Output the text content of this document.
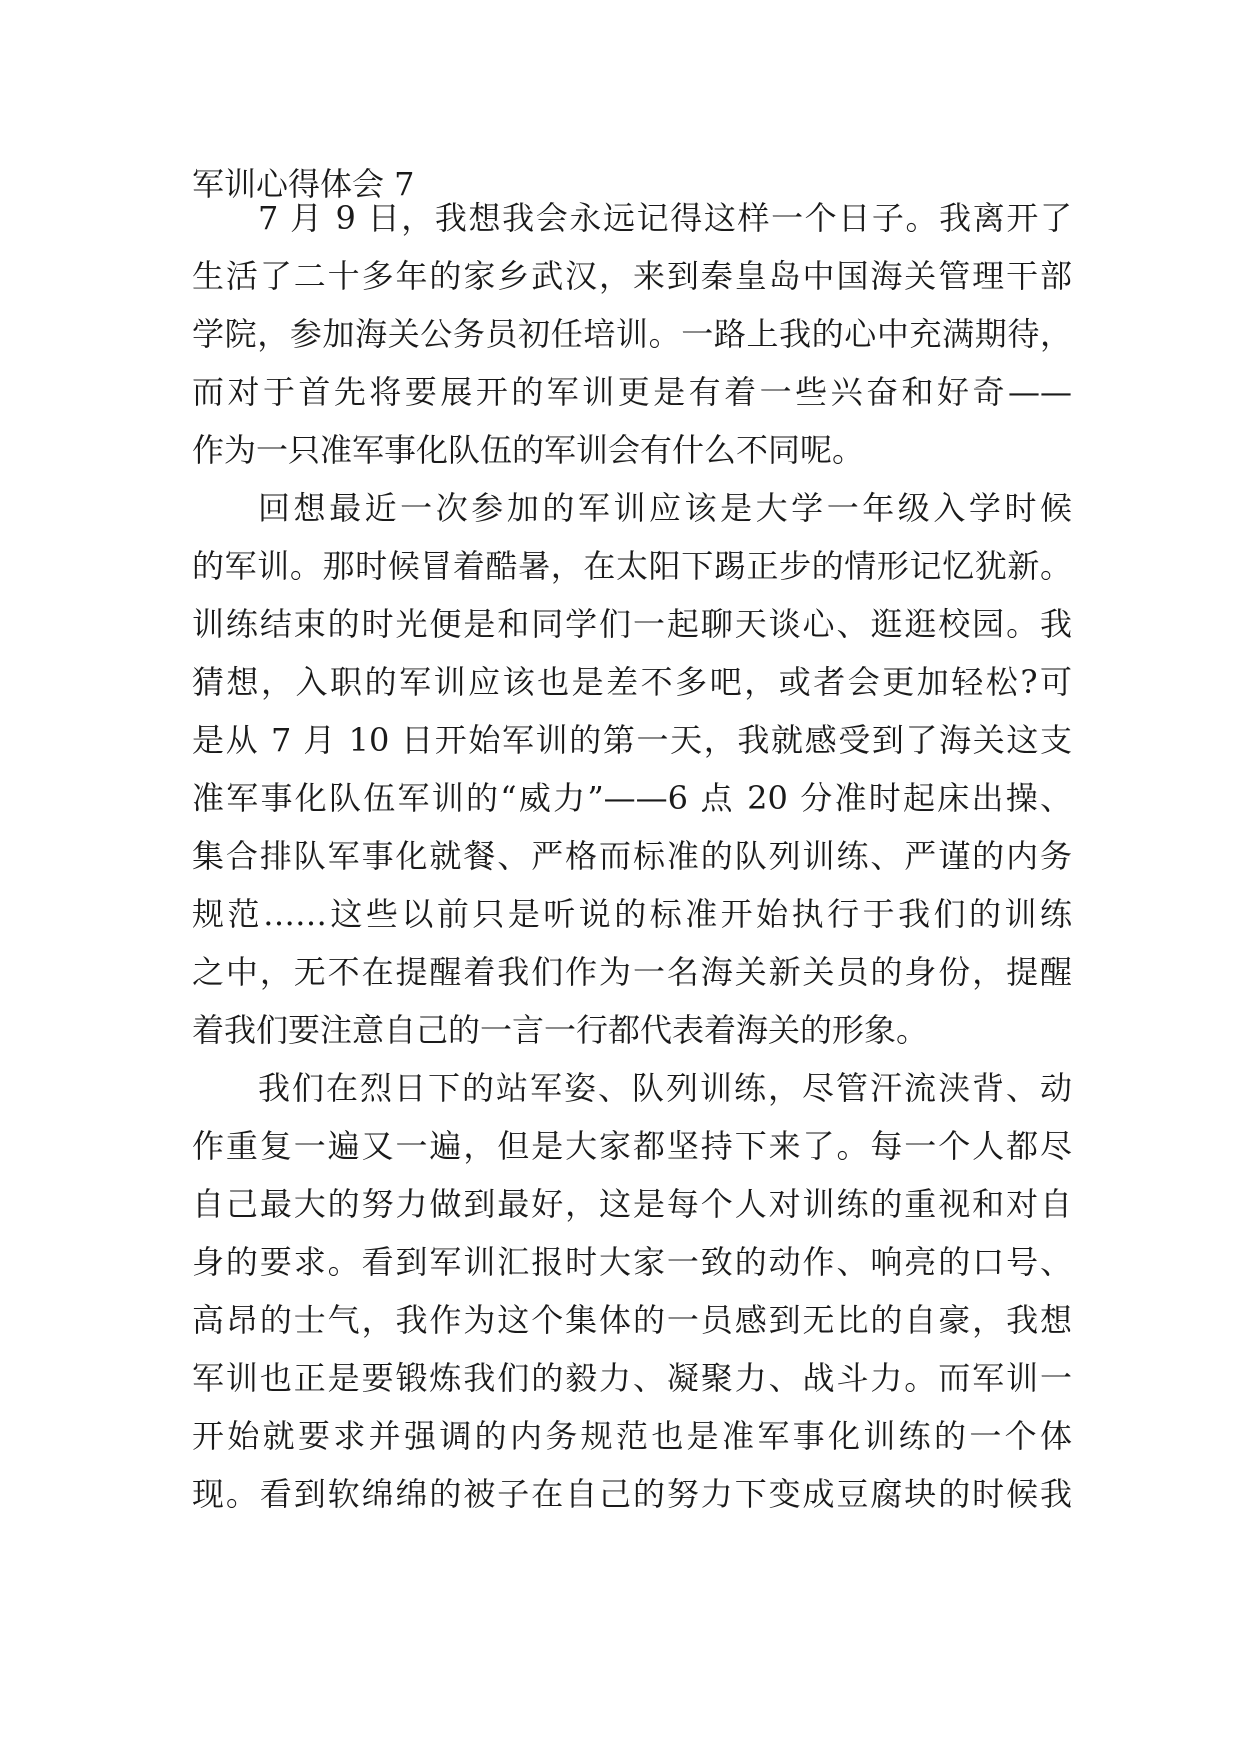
军训心得体会 7
7 月 9 日，我想我会永远记得这样一个日子。我离开了
生活了二十多年的家乡武汉，来到秦皇岛中国海关管理干部
学院，参加海关公务员初任培训。一路上我的心中充满期待，
而对于首先将要展开的军训更是有着一些兴奋和好奇——
作为一只准军事化队伍的军训会有什么不同呢。
回想最近一次参加的军训应该是大学一年级入学时候
的军训。那时候冒着酷暑，在太阳下踢正步的情形记忆犹新。
训练结束的时光便是和同学们一起聊天谈心、逛逛校园。我
猜想，入职的军训应该也是差不多吧，或者会更加轻松?可
是从 7 月 10 日开始军训的第一天，我就感受到了海关这支
准军事化队伍军训的“威力”——6 点 20 分准时起床出操、
集合排队军事化就餐、严格而标准的队列训练、严谨的内务
规范……这些以前只是听说的标准开始执行于我们的训练
之中，无不在提醒着我们作为一名海关新关员的身份，提醒
着我们要注意自己的一言一行都代表着海关的形象。
我们在烈日下的站军姿、队列训练，尽管汗流浃背、动
作重复一遍又一遍，但是大家都坚持下来了。每一个人都尽
自己最大的努力做到最好，这是每个人对训练的重视和对自
身的要求。看到军训汇报时大家一致的动作、响亮的口号、
高昂的士气，我作为这个集体的一员感到无比的自豪，我想
军训也正是要锻炼我们的毅力、凝聚力、战斗力。而军训一
开始就要求并强调的内务规范也是准军事化训练的一个体
现。看到软绵绵的被子在自己的努力下变成豆腐块的时候我
